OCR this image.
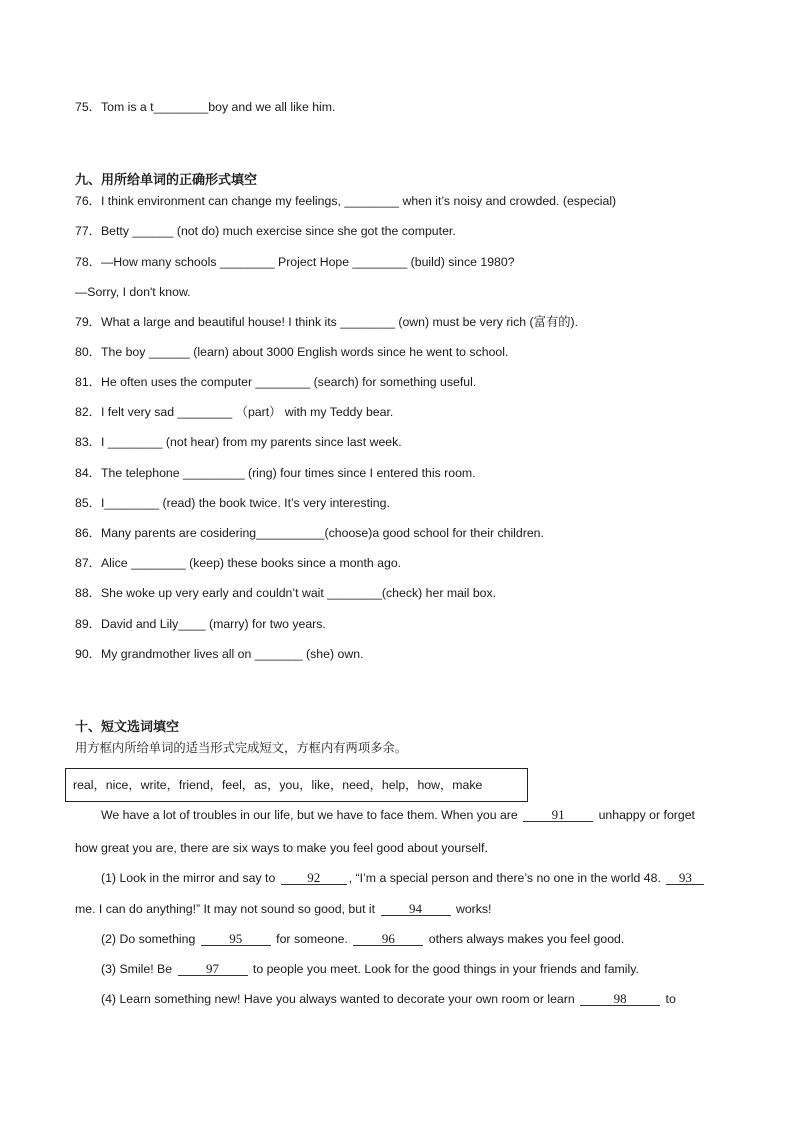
75．Tom is a t________boy and we all like him.
九、用所给单词的正确形式填空
76．I think environment can change my feelings, ________ when it’s noisy and crowded. (especial)
77．Betty ______ (not do) much exercise since she got the computer.
78．—How many schools ________ Project Hope ________ (build) since 1980?
—Sorry, I don't know.
79．What a large and beautiful house! I think its ________ (own) must be very rich (富有的).
80．The boy ______ (learn) about 3000 English words since he went to school.
81．He often uses the computer ________ (search) for something useful.
82．I felt very sad ________ （part） with my Teddy bear.
83．I ________ (not hear) from my parents since last week.
84．The telephone _________ (ring) four times since I entered this room.
85．I________ (read) the book twice. It’s very interesting.
86．Many parents are cosidering__________(choose)a good school for their children.
87．Alice ________ (keep) these books since a month ago.
88．She woke up very early and couldn’t wait ________(check) her mail box.
89．David and Lily____ (marry) for two years.
90．My grandmother lives all on _______ (she) own.
十、短文选词填空
用方框内所给单词的适当形式完成短文，方框内有两项多余。
real，nice，write，friend，feel，as，you，like，need，help，how，make
We have a lot of troubles in our life, but we have to face them. When you are	91	unhappy or forget
how great you are, there are six ways to make you feel good about yourself.
(1) Look in the mirror and say to 92 , “I’m a special person and there’s no one in the world 48. 93
me. I can do anything!” It may not sound so good, but it	94	works!
(2) Do something	95	for someone.	96	others always makes you feel good.
(3) Smile! Be	97	to people you meet. Look for the good things in your friends and family.
(4) Learn something new! Have you always wanted to decorate your own room or learn	98	to
